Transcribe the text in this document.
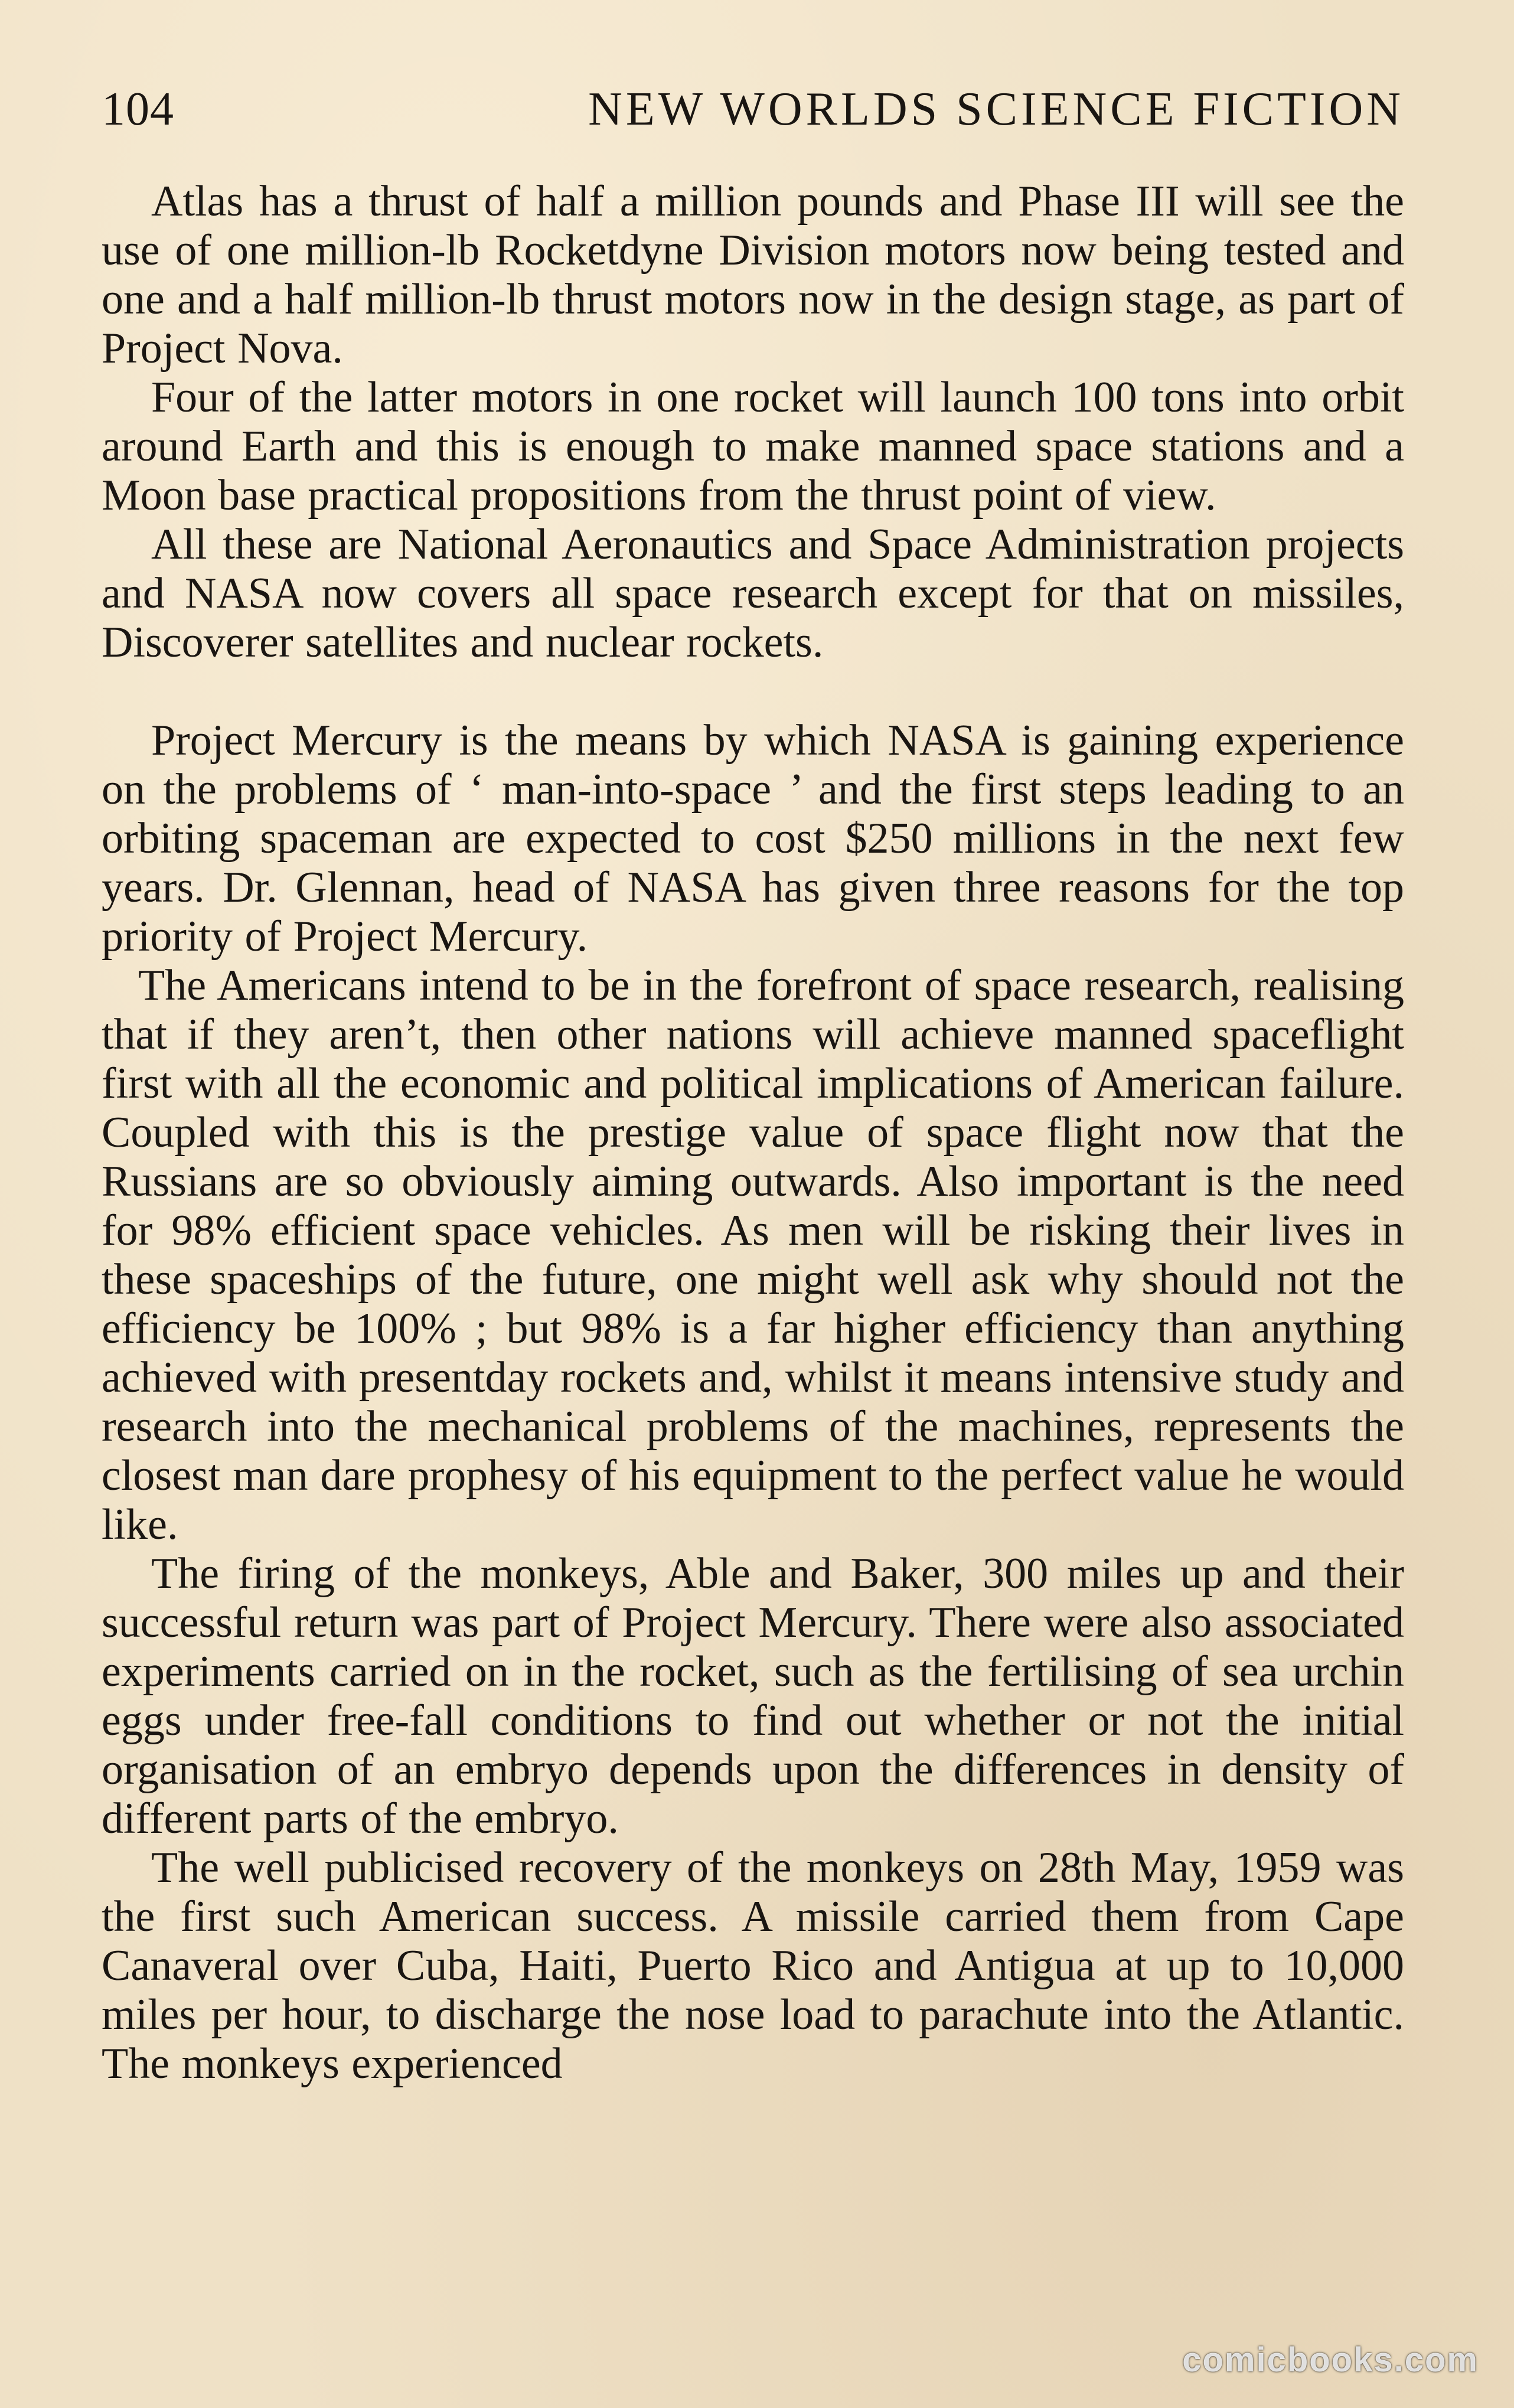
104	NEW WORLDS SCIENCE FICTION

Atlas has a thrust of half a million pounds and Phase III will see the use of one million-lb Rocketdyne Division motors now being tested and one and a half million-lb thrust motors now in the design stage, as part of Project Nova.

Four of the latter motors in one rocket will launch 100 tons into orbit around Earth and this is enough to make manned space stations and a Moon base practical propositions from the thrust point of view.

All these are National Aeronautics and Space Administration projects and NASA now covers all space research except for that on missiles, Discoverer satellites and nuclear rockets.

Project Mercury is the means by which NASA is gaining experience on the problems of ‘ man-into-space ’ and the first steps leading to an orbiting spaceman are expected to cost $250 millions in the next few years. Dr. Glennan, head of NASA has given three reasons for the top priority of Project Mercury.

The Americans intend to be in the forefront of space research, realising that if they aren’t, then other nations will achieve manned spaceflight first with all the economic and political implications of American failure. Coupled with this is the prestige value of space flight now that the Russians are so obviously aiming outwards. Also important is the need for 98% efficient space vehicles. As men will be risking their lives in these spaceships of the future, one might well ask why should not the efficiency be 100% ; but 98% is a far higher efficiency than anything achieved with presentday rockets and, whilst it means intensive study and research into the mechanical problems of the machines, represents the closest man dare prophesy of his equipment to the perfect value he would like.

The firing of the monkeys, Able and Baker, 300 miles up and their successful return was part of Project Mercury. There were also associated experiments carried on in the rocket, such as the fertilising of sea urchin eggs under free-fall conditions to find out whether or not the initial organisation of an embryo depends upon the differences in density of different parts of the embryo.

The well publicised recovery of the monkeys on 28th May, 1959 was the first such American success. A missile carried them from Cape Canaveral over Cuba, Haiti, Puerto Rico and Antigua at up to 10,000 miles per hour, to discharge the nose load to parachute into the Atlantic. The monkeys experienced

comicbooks.com
